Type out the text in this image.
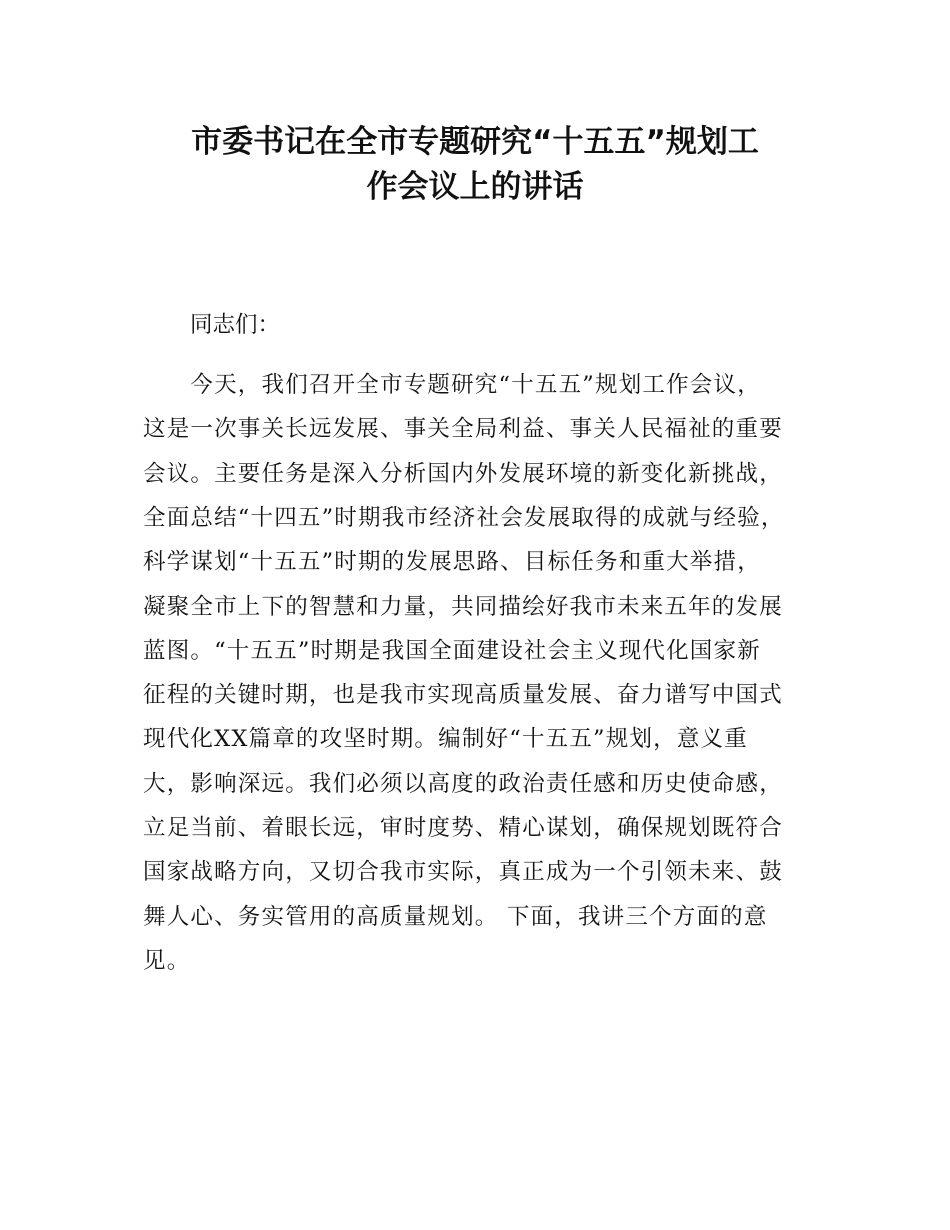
市委书记在全市专题研究“十五五”规划工
作会议上的讲话
同志们：
　　今天，我们召开全市专题研究“十五五”规划工作会议，
这是一次事关长远发展、事关全局利益、事关人民福祉的重要
会议。主要任务是深入分析国内外发展环境的新变化新挑战，
全面总结“十四五”时期我市经济社会发展取得的成就与经验，
科学谋划“十五五”时期的发展思路、目标任务和重大举措，
凝聚全市上下的智慧和力量，共同描绘好我市未来五年的发展
蓝图。“十五五”时期是我国全面建设社会主义现代化国家新
征程的关键时期，也是我市实现高质量发展、奋力谱写中国式
现代化XX篇章的攻坚时期。编制好“十五五”规划，意义重
大，影响深远。我们必须以高度的政治责任感和历史使命感，
立足当前、着眼长远，审时度势、精心谋划，确保规划既符合
国家战略方向，又切合我市实际，真正成为一个引领未来、鼓
舞人心、务实管用的高质量规划。 下面，我讲三个方面的意
见。
